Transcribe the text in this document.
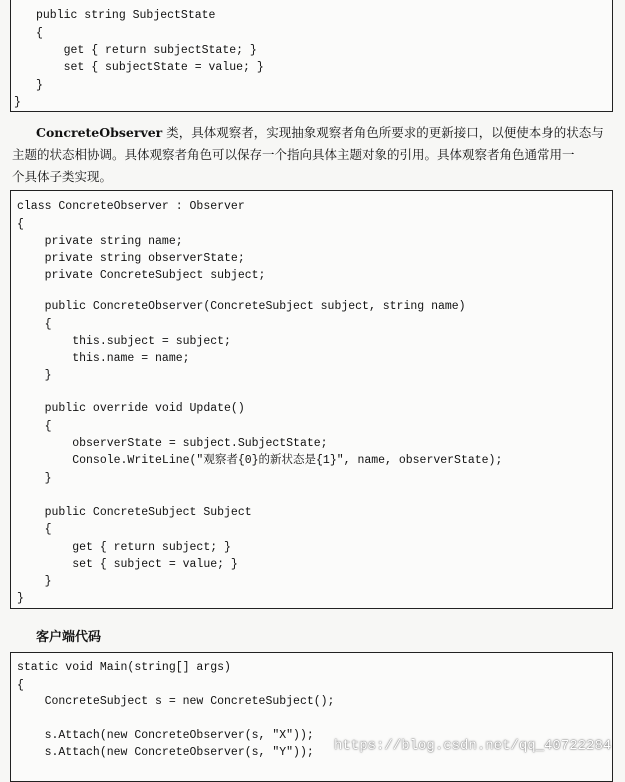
public string SubjectState
{
get { return subjectState; }
set { subjectState = value; }
}
}
ConcreteObserver 类，具体观察者，实现抽象观察者角色所要求的更新接口，以便使本身的状态与
主题的状态相协调。具体观察者角色可以保存一个指向具体主题对象的引用。具体观察者角色通常用一
个具体子类实现。
class ConcreteObserver : Observer
{
private string name;
private string observerState;
private ConcreteSubject subject;
public ConcreteObserver(ConcreteSubject subject, string name)
{
this.subject = subject;
this.name = name;
}
public override void Update()
{
observerState = subject.SubjectState;
Console.WriteLine("观察者{0}的新状态是{1}", name, observerState);
}
public ConcreteSubject Subject
{
get { return subject; }
set { subject = value; }
}
}
客户端代码
static void Main(string[] args)
{
ConcreteSubject s = new ConcreteSubject();
s.Attach(new ConcreteObserver(s, "X"));
s.Attach(new ConcreteObserver(s, "Y")); https://blog.csdn.net/qq_40722284
